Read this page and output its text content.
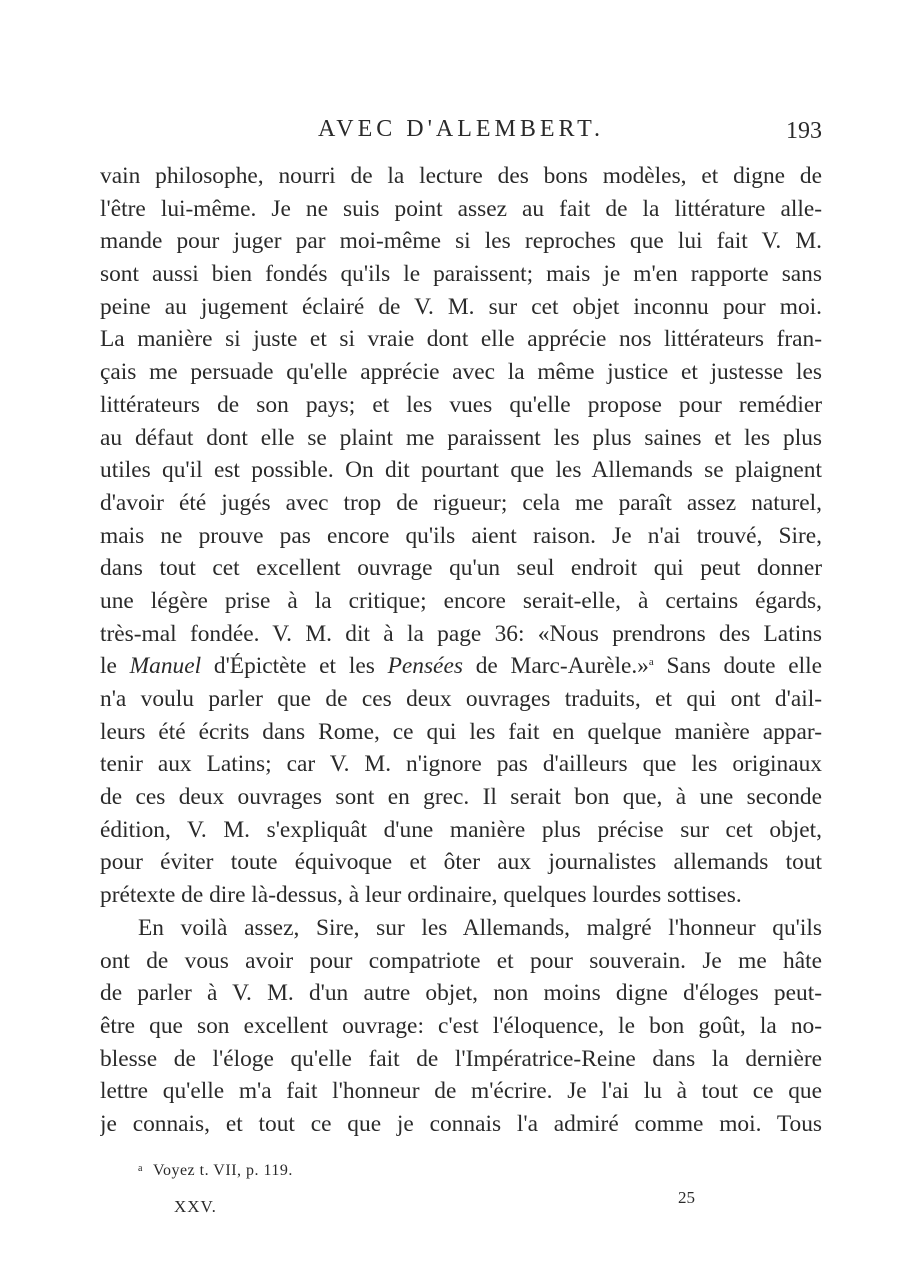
AVEC D'ALEMBERT.	193
vain philosophe, nourri de la lecture des bons modèles, et digne de
l'être lui-même. Je ne suis point assez au fait de la littérature alle-
mande pour juger par moi-même si les reproches que lui fait V. M.
sont aussi bien fondés qu'ils le paraissent; mais je m'en rapporte sans
peine au jugement éclairé de V. M. sur cet objet inconnu pour moi.
La manière si juste et si vraie dont elle apprécie nos littérateurs fran-
çais me persuade qu'elle apprécie avec la même justice et justesse les
littérateurs de son pays; et les vues qu'elle propose pour remédier
au défaut dont elle se plaint me paraissent les plus saines et les plus
utiles qu'il est possible. On dit pourtant que les Allemands se plaignent
d'avoir été jugés avec trop de rigueur; cela me paraît assez naturel,
mais ne prouve pas encore qu'ils aient raison. Je n'ai trouvé, Sire,
dans tout cet excellent ouvrage qu'un seul endroit qui peut donner
une légère prise à la critique; encore serait-elle, à certains égards,
très-mal fondée. V. M. dit à la page 36: «Nous prendrons des Latins
le Manuel d'Épictète et les Pensées de Marc-Aurèle.»$^a$ Sans doute elle
n'a voulu parler que de ces deux ouvrages traduits, et qui ont d'ail-
leurs été écrits dans Rome, ce qui les fait en quelque manière appar-
tenir aux Latins; car V. M. n'ignore pas d'ailleurs que les originaux
de ces deux ouvrages sont en grec. Il serait bon que, à une seconde
édition, V. M. s'expliquât d'une manière plus précise sur cet objet,
pour éviter toute équivoque et ôter aux journalistes allemands tout
prétexte de dire là-dessus, à leur ordinaire, quelques lourdes sottises.
En voilà assez, Sire, sur les Allemands, malgré l'honneur qu'ils
ont de vous avoir pour compatriote et pour souverain. Je me hâte
de parler à V. M. d'un autre objet, non moins digne d'éloges peut-
être que son excellent ouvrage: c'est l'éloquence, le bon goût, la no-
blesse de l'éloge qu'elle fait de l'Impératrice-Reine dans la dernière
lettre qu'elle m'a fait l'honneur de m'écrire. Je l'ai lu à tout ce que
je connais, et tout ce que je connais l'a admiré comme moi. Tous
$^a$ Voyez t. VII, p. 119.
XXV.	25
